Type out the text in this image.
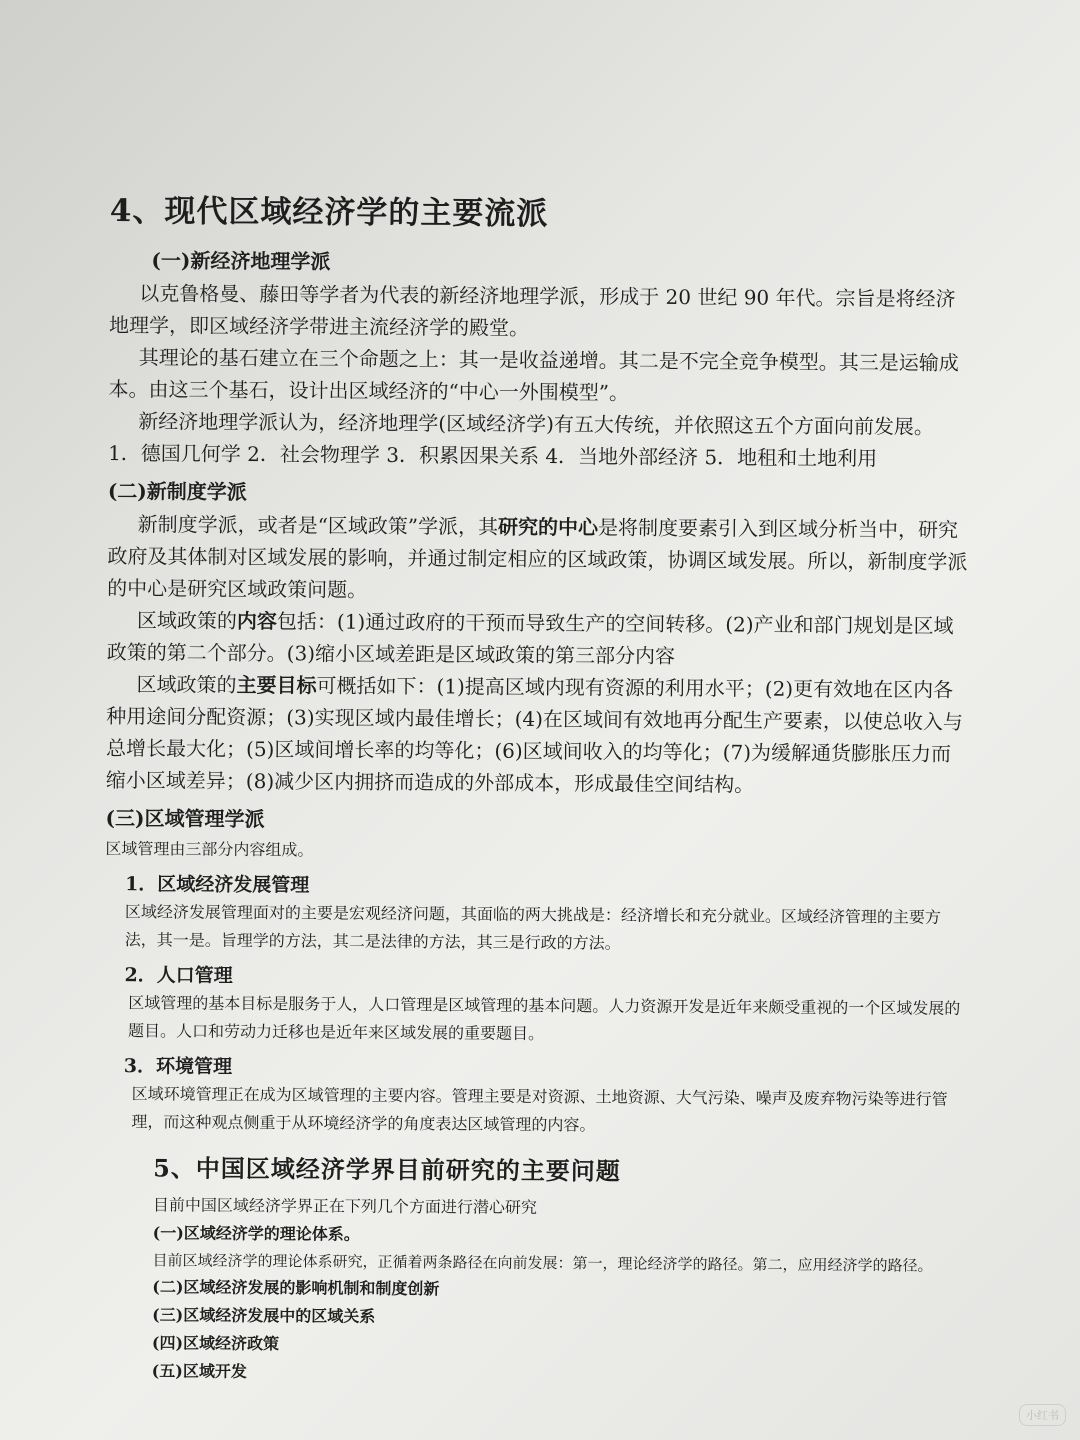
4、现代区域经济学的主要流派
(一)新经济地理学派

以克鲁格曼、藤田等学者为代表的新经济地理学派，形成于 20 世纪 90 年代。宗旨是将经济地理学，即区域经济学带进主流经济学的殿堂。

其理论的基石建立在三个命题之上：其一是收益递增。其二是不完全竞争模型。其三是运输成本。由这三个基石，设计出区域经济的“中心一外围模型”。

新经济地理学派认为，经济地理学(区域经济学)有五大传统，并依照这五个方面向前发展。

1．德国几何学 2．社会物理学 3．积累因果关系 4．当地外部经济 5．地租和土地利用

(二)新制度学派

新制度学派，或者是“区域政策”学派，其研究的中心是将制度要素引入到区域分析当中，研究政府及其体制对区域发展的影响，并通过制定相应的区域政策，协调区域发展。所以，新制度学派的中心是研究区域政策问题。

区域政策的内容包括：(1)通过政府的干预而导致生产的空间转移。(2)产业和部门规划是区域政策的第二个部分。(3)缩小区域差距是区域政策的第三部分内容

区域政策的主要目标可概括如下：(1)提高区域内现有资源的利用水平；(2)更有效地在区内各种用途间分配资源；(3)实现区域内最佳增长；(4)在区域间有效地再分配生产要素，以使总收入与总增长最大化；(5)区域间增长率的均等化；(6)区域间收入的均等化；(7)为缓解通货膨胀压力而缩小区域差异；(8)减少区内拥挤而造成的外部成本，形成最佳空间结构。

(三)区域管理学派

区域管理由三部分内容组成。

1．区域经济发展管理

区域经济发展管理面对的主要是宏观经济问题，其面临的两大挑战是：经济增长和充分就业。区域经济管理的主要方法，其一是。旨理学的方法，其二是法律的方法，其三是行政的方法。

2．人口管理

区域管理的基本目标是服务于人，人口管理是区域管理的基本问题。人力资源开发是近年来颇受重视的一个区域发展的题目。人口和劳动力迁移也是近年来区域发展的重要题目。

3．环境管理

区域环境管理正在成为区域管理的主要内容。管理主要是对资源、土地资源、大气污染、噪声及废弃物污染等进行管理，而这种观点侧重于从环境经济学的角度表达区域管理的内容。

5、中国区域经济学界目前研究的主要问题

目前中国区域经济学界正在下列几个方面进行潜心研究

(一)区域经济学的理论体系。

目前区域经济学的理论体系研究，正循着两条路径在向前发展：第一，理论经济学的路径。第二，应用经济学的路径。

(二)区域经济发展的影响机制和制度创新
(三)区域经济发展中的区域关系
(四)区域经济政策
(五)区域开发
小红书
